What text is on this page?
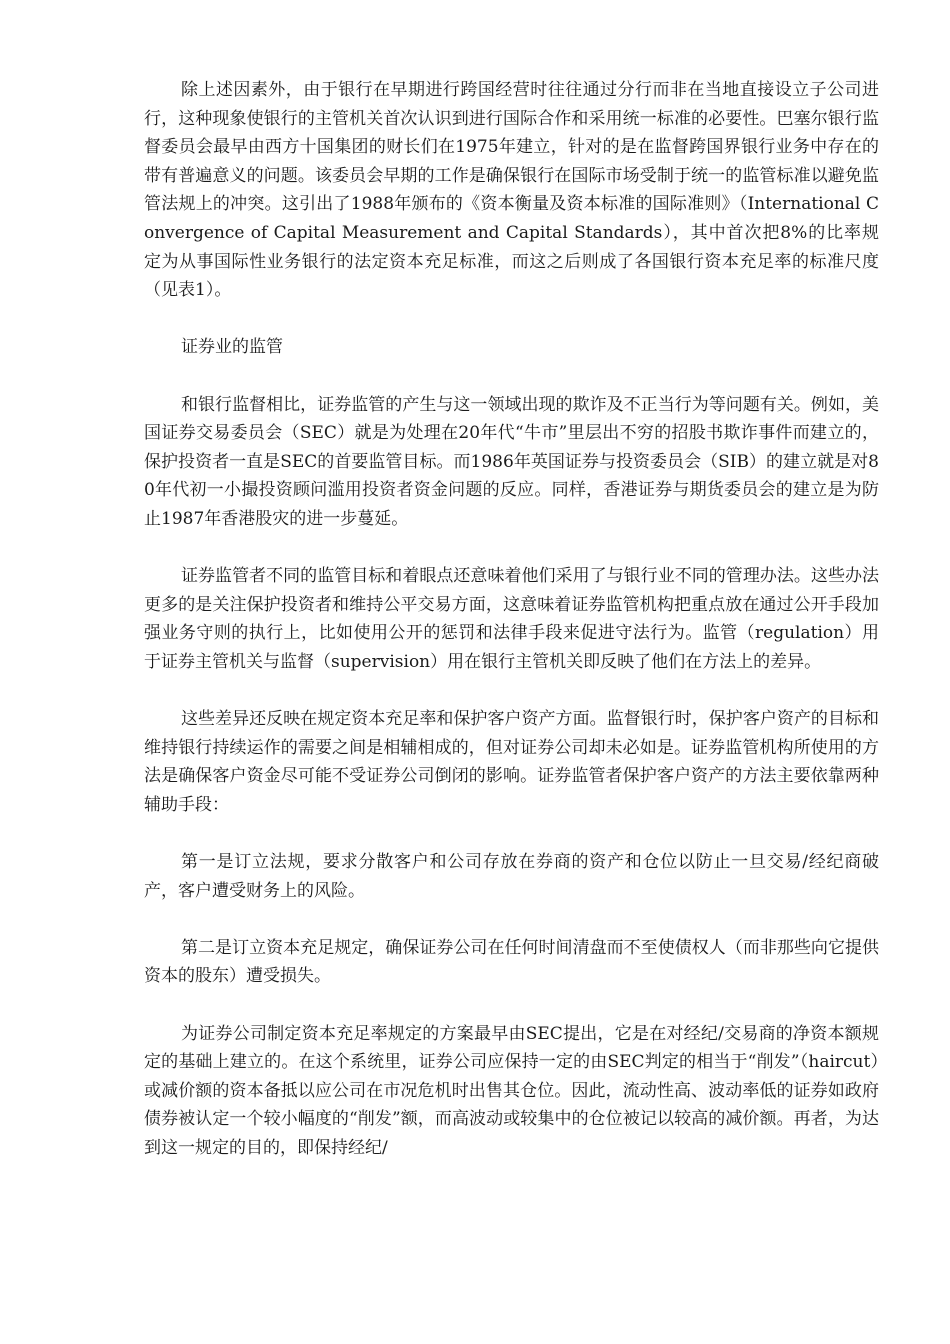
除上述因素外，由于银行在早期进行跨国经营时往往通过分行而非在当地直接设立子公司进行，这种现象使银行的主管机关首次认识到进行国际合作和采用统一标准的必要性。巴塞尔银行监督委员会最早由西方十国集团的财长们在1975年建立，针对的是在监督跨国界银行业务中存在的带有普遍意义的问题。该委员会早期的工作是确保银行在国际市场受制于统一的监管标准以避免监管法规上的冲突。这引出了1988年颁布的《资本衡量及资本标准的国际准则》（International Convergence of Capital Measurement and Capital Standards），其中首次把8%的比率规定为从事国际性业务银行的法定资本充足标准，而这之后则成了各国银行资本充足率的标准尺度（见表1）。

证券业的监管

和银行监督相比，证券监管的产生与这一领域出现的欺诈及不正当行为等问题有关。例如，美国证券交易委员会（SEC）就是为处理在20年代“牛市”里层出不穷的招股书欺诈事件而建立的，保护投资者一直是SEC的首要监管目标。而1986年英国证券与投资委员会（SIB）的建立就是对80年代初一小撮投资顾问滥用投资者资金问题的反应。同样，香港证券与期货委员会的建立是为防止1987年香港股灾的进一步蔓延。

证券监管者不同的监管目标和着眼点还意味着他们采用了与银行业不同的管理办法。这些办法更多的是关注保护投资者和维持公平交易方面，这意味着证券监管机构把重点放在通过公开手段加强业务守则的执行上，比如使用公开的惩罚和法律手段来促进守法行为。监管（regulation）用于证券主管机关与监督（supervision）用在银行主管机关即反映了他们在方法上的差异。

这些差异还反映在规定资本充足率和保护客户资产方面。监督银行时，保护客户资产的目标和维持银行持续运作的需要之间是相辅相成的，但对证券公司却未必如是。证券监管机构所使用的方法是确保客户资金尽可能不受证券公司倒闭的影响。证券监管者保护客户资产的方法主要依靠两种辅助手段：

第一是订立法规，要求分散客户和公司存放在券商的资产和仓位以防止一旦交易/经纪商破产，客户遭受财务上的风险。

第二是订立资本充足规定，确保证券公司在任何时间清盘而不至使债权人（而非那些向它提供资本的股东）遭受损失。

为证券公司制定资本充足率规定的方案最早由SEC提出，它是在对经纪/交易商的净资本额规定的基础上建立的。在这个系统里，证券公司应保持一定的由SEC判定的相当于“削发”（haircut）或减价额的资本备抵以应公司在市况危机时出售其仓位。因此，流动性高、波动率低的证券如政府债券被认定一个较小幅度的“削发”额，而高波动或较集中的仓位被记以较高的减价额。再者，为达到这一规定的目的，即保持经纪/
